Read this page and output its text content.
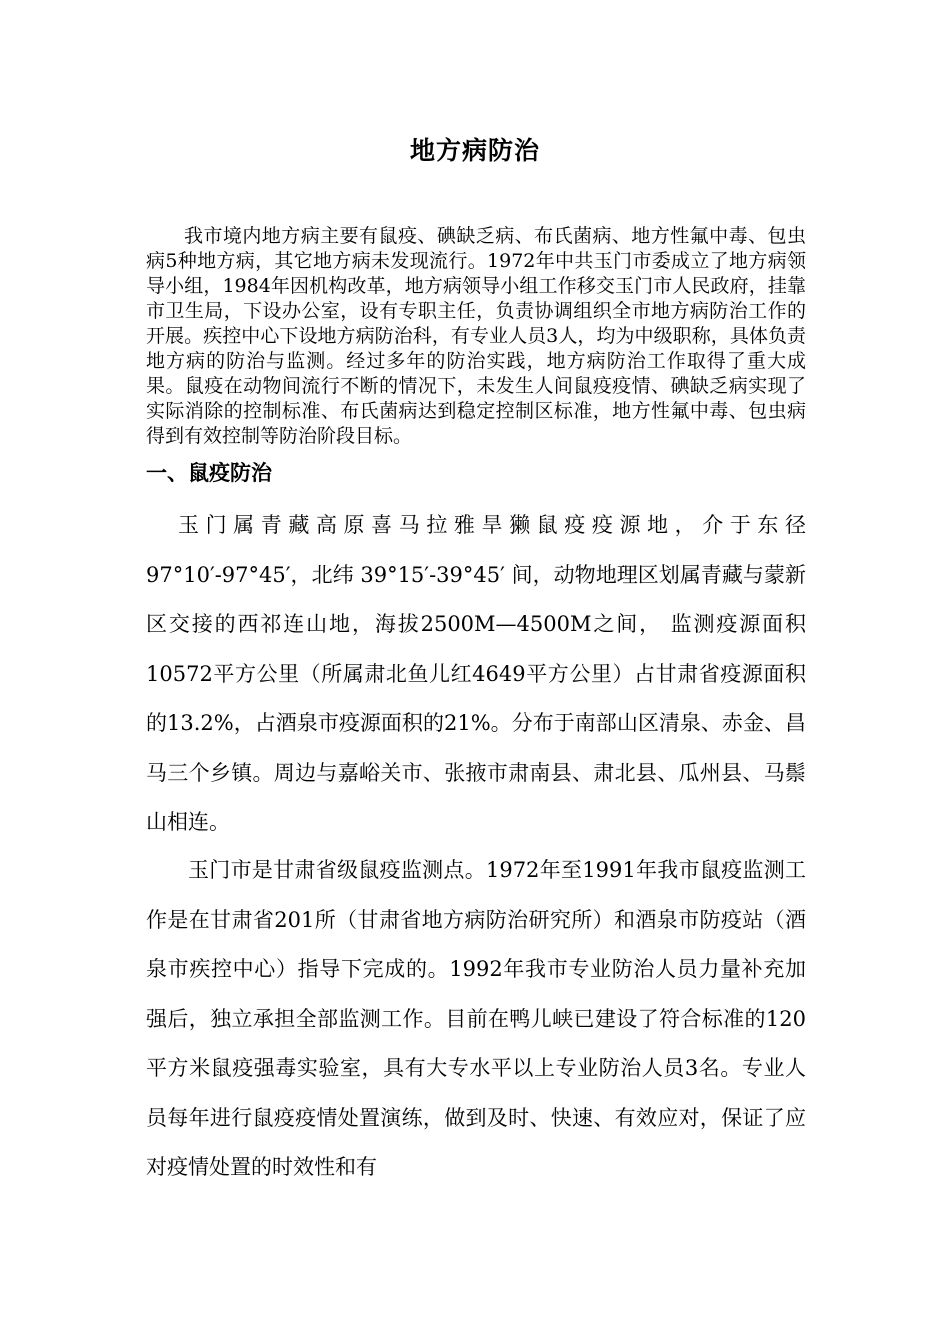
地方病防治

我市境内地方病主要有鼠疫、碘缺乏病、布氏菌病、地方性氟中毒、包虫病5种地方病，其它地方病未发现流行。1972年中共玉门市委成立了地方病领导小组，1984年因机构改革，地方病领导小组工作移交玉门市人民政府，挂靠市卫生局，下设办公室，设有专职主任，负责协调组织全市地方病防治工作的开展。疾控中心下设地方病防治科，有专业人员3人，均为中级职称，具体负责地方病的防治与监测。经过多年的防治实践，地方病防治工作取得了重大成果。鼠疫在动物间流行不断的情况下，未发生人间鼠疫疫情、碘缺乏病实现了实际消除的控制标准、布氏菌病达到稳定控制区标准，地方性氟中毒、包虫病得到有效控制等防治阶段目标。

一、鼠疫防治

玉门属青藏高原喜马拉雅旱獭鼠疫疫源地，介于东径 97°10′-97°45′，北纬 39°15′-39°45′ 间，动物地理区划属青藏与蒙新区交接的西祁连山地，海拔2500M—4500M之间， 监测疫源面积10572平方公里（所属肃北鱼儿红4649平方公里）占甘肃省疫源面积的13.2%，占酒泉市疫源面积的21%。分布于南部山区清泉、赤金、昌马三个乡镇。周边与嘉峪关市、张掖市肃南县、肃北县、瓜州县、马鬃山相连。

玉门市是甘肃省级鼠疫监测点。1972年至1991年我市鼠疫监测工作是在甘肃省201所（甘肃省地方病防治研究所）和酒泉市防疫站（酒泉市疾控中心）指导下完成的。1992年我市专业防治人员力量补充加强后，独立承担全部监测工作。目前在鸭儿峡已建设了符合标准的120平方米鼠疫强毒实验室，具有大专水平以上专业防治人员3名。专业人员每年进行鼠疫疫情处置演练，做到及时、快速、有效应对，保证了应对疫情处置的时效性和有
